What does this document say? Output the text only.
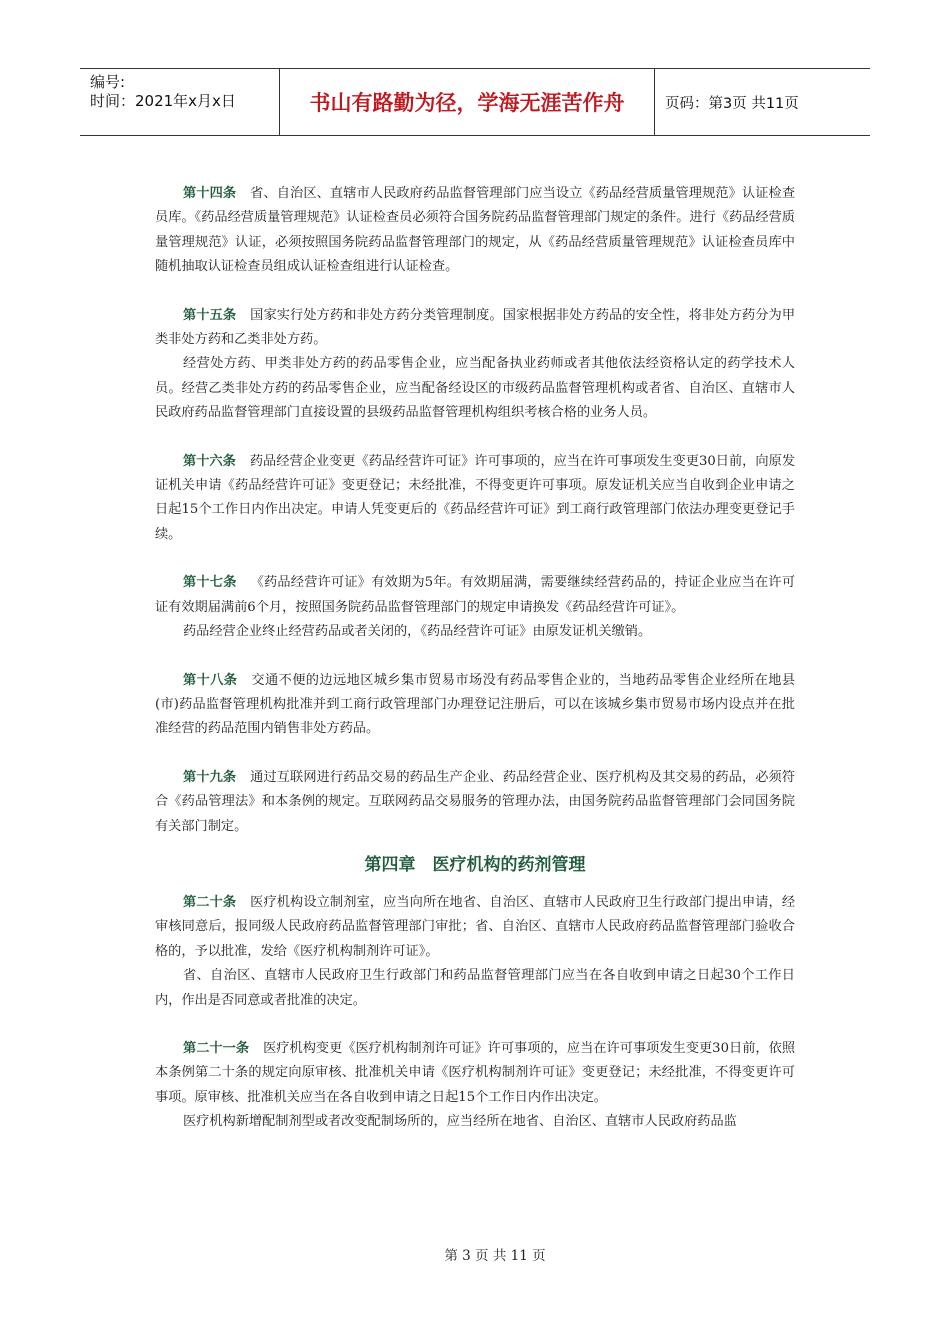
编号:
时间：2021年x月x日	书山有路勤为径，学海无涯苦作舟	页码：第3页 共11页

第十四条 省、自治区、直辖市人民政府药品监督管理部门应当设立《药品经营质量管理规范》认证检查员库。《药品经营质量管理规范》认证检查员必须符合国务院药品监督管理部门规定的条件。进行《药品经营质量管理规范》认证，必须按照国务院药品监督管理部门的规定，从《药品经营质量管理规范》认证检查员库中随机抽取认证检查员组成认证检查组进行认证检查。

第十五条 国家实行处方药和非处方药分类管理制度。国家根据非处方药品的安全性，将非处方药分为甲类非处方药和乙类非处方药。

经营处方药、甲类非处方药的药品零售企业，应当配备执业药师或者其他依法经资格认定的药学技术人员。经营乙类非处方药的药品零售企业，应当配备经设区的市级药品监督管理机构或者省、自治区、直辖市人民政府药品监督管理部门直接设置的县级药品监督管理机构组织考核合格的业务人员。

第十六条 药品经营企业变更《药品经营许可证》许可事项的，应当在许可事项发生变更30日前，向原发证机关申请《药品经营许可证》变更登记；未经批准，不得变更许可事项。原发证机关应当自收到企业申请之日起15个工作日内作出决定。申请人凭变更后的《药品经营许可证》到工商行政管理部门依法办理变更登记手续。

第十七条 《药品经营许可证》有效期为5年。有效期届满，需要继续经营药品的，持证企业应当在许可证有效期届满前6个月，按照国务院药品监督管理部门的规定申请换发《药品经营许可证》。

药品经营企业终止经营药品或者关闭的，《药品经营许可证》由原发证机关缴销。

第十八条 交通不便的边远地区城乡集市贸易市场没有药品零售企业的，当地药品零售企业经所在地县(市)药品监督管理机构批准并到工商行政管理部门办理登记注册后，可以在该城乡集市贸易市场内设点并在批准经营的药品范围内销售非处方药品。

第十九条 通过互联网进行药品交易的药品生产企业、药品经营企业、医疗机构及其交易的药品，必须符合《药品管理法》和本条例的规定。互联网药品交易服务的管理办法，由国务院药品监督管理部门会同国务院有关部门制定。

第四章　医疗机构的药剂管理

第二十条 医疗机构设立制剂室，应当向所在地省、自治区、直辖市人民政府卫生行政部门提出申请，经审核同意后，报同级人民政府药品监督管理部门审批；省、自治区、直辖市人民政府药品监督管理部门验收合格的，予以批准，发给《医疗机构制剂许可证》。

省、自治区、直辖市人民政府卫生行政部门和药品监督管理部门应当在各自收到申请之日起30个工作日内，作出是否同意或者批准的决定。

第二十一条 医疗机构变更《医疗机构制剂许可证》许可事项的，应当在许可事项发生变更30日前，依照本条例第二十条的规定向原审核、批准机关申请《医疗机构制剂许可证》变更登记；未经批准，不得变更许可事项。原审核、批准机关应当在各自收到申请之日起15个工作日内作出决定。

医疗机构新增配制剂型或者改变配制场所的，应当经所在地省、自治区、直辖市人民政府药品监

第 3 页 共 11 页
